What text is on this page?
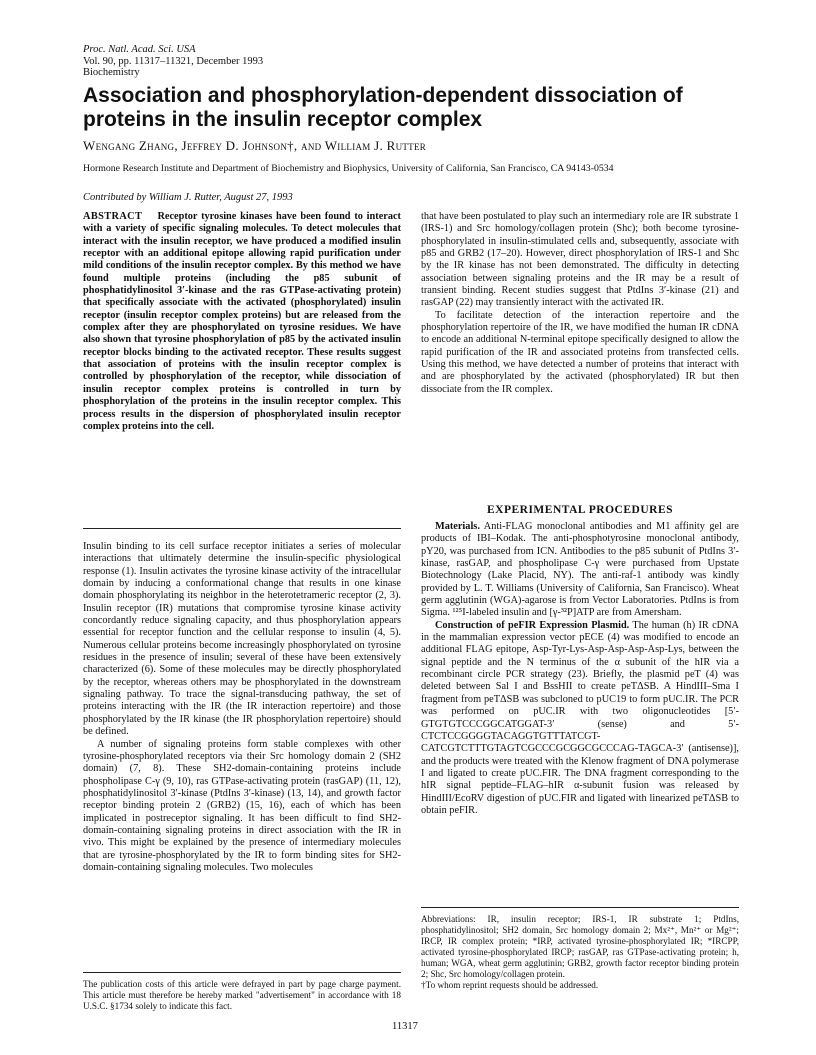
Proc. Natl. Acad. Sci. USA
Vol. 90, pp. 11317–11321, December 1993
Biochemistry
Association and phosphorylation-dependent dissociation of proteins in the insulin receptor complex
Wengang Zhang, Jeffrey D. Johnson†, and William J. Rutter
Hormone Research Institute and Department of Biochemistry and Biophysics, University of California, San Francisco, CA 94143-0534
Contributed by William J. Rutter, August 27, 1993

ABSTRACT Receptor tyrosine kinases have been found to interact with a variety of specific signaling molecules. To detect molecules that interact with the insulin receptor, we have produced a modified insulin receptor with an additional epitope allowing rapid purification under mild conditions of the insulin receptor complex. By this method we have found multiple proteins (including the p85 subunit of phosphatidylinositol 3′-kinase and the ras GTPase-activating protein) that specifically associate with the activated (phosphorylated) insulin receptor (insulin receptor complex proteins) but are released from the complex after they are phosphorylated on tyrosine residues. We have also shown that tyrosine phosphorylation of p85 by the activated insulin receptor blocks binding to the activated receptor. These results suggest that association of proteins with the insulin receptor complex is controlled by phosphorylation of the receptor, while dissociation of insulin receptor complex proteins is controlled in turn by phosphorylation of the proteins in the insulin receptor complex. This process results in the dispersion of phosphorylated insulin receptor complex proteins into the cell.

Insulin binding to its cell surface receptor initiates a series of molecular interactions that ultimately determine the insulin-specific physiological response (1). Insulin activates the tyrosine kinase activity of the intracellular domain by inducing a conformational change that results in one kinase domain phosphorylating its neighbor in the heterotetrameric receptor (2, 3). Insulin receptor (IR) mutations that compromise tyrosine kinase activity concordantly reduce signaling capacity, and thus phosphorylation appears essential for receptor function and the cellular response to insulin (4, 5). Numerous cellular proteins become increasingly phosphorylated on tyrosine residues in the presence of insulin; several of these have been extensively characterized (6). Some of these molecules may be directly phosphorylated by the receptor, whereas others may be phosphorylated in the downstream signaling pathway. To trace the signal-transducing pathway, the set of proteins interacting with the IR (the IR interaction repertoire) and those phosphorylated by the IR kinase (the IR phosphorylation repertoire) should be defined.

A number of signaling proteins form stable complexes with other tyrosine-phosphorylated receptors via their Src homology domain 2 (SH2 domain) (7, 8). These SH2-domain-containing proteins include phospholipase C-γ (9, 10), ras GTPase-activating protein (rasGAP) (11, 12), phosphatidylinositol 3′-kinase (PtdIns 3′-kinase) (13, 14), and growth factor receptor binding protein 2 (GRB2) (15, 16), each of which has been implicated in postreceptor signaling. It has been difficult to find SH2-domain-containing signaling proteins in direct association with the IR in vivo. This might be explained by the presence of intermediary molecules that are tyrosine-phosphorylated by the IR to form binding sites for SH2-domain-containing signaling molecules. Two molecules

The publication costs of this article were defrayed in part by page charge payment. This article must therefore be hereby marked "advertisement" in accordance with 18 U.S.C. §1734 solely to indicate this fact.

that have been postulated to play such an intermediary role are IR substrate 1 (IRS-1) and Src homology/collagen protein (Shc); both become tyrosine-phosphorylated in insulin-stimulated cells and, subsequently, associate with p85 and GRB2 (17–20). However, direct phosphorylation of IRS-1 and Shc by the IR kinase has not been demonstrated. The difficulty in detecting association between signaling proteins and the IR may be a result of transient binding. Recent studies suggest that PtdIns 3′-kinase (21) and rasGAP (22) may transiently interact with the activated IR.

To facilitate detection of the interaction repertoire and the phosphorylation repertoire of the IR, we have modified the human IR cDNA to encode an additional N-terminal epitope specifically designed to allow the rapid purification of the IR and associated proteins from transfected cells. Using this method, we have detected a number of proteins that interact with and are phosphorylated by the activated (phosphorylated) IR but then dissociate from the IR complex.

EXPERIMENTAL PROCEDURES

Materials. Anti-FLAG monoclonal antibodies and M1 affinity gel are products of IBI–Kodak. The anti-phosphotyrosine monoclonal antibody, pY20, was purchased from ICN. Antibodies to the p85 subunit of PtdIns 3′-kinase, rasGAP, and phospholipase C-γ were purchased from Upstate Biotechnology (Lake Placid, NY). The anti-raf-1 antibody was kindly provided by L. T. Williams (University of California, San Francisco). Wheat germ agglutinin (WGA)-agarose is from Vector Laboratories. PtdIns is from Sigma. ¹²⁵I-labeled insulin and [γ-³²P]ATP are from Amersham.

Construction of peFIR Expression Plasmid. The human (h) IR cDNA in the mammalian expression vector pECE (4) was modified to encode an additional FLAG epitope, Asp-Tyr-Lys-Asp-Asp-Asp-Asp-Lys, between the signal peptide and the N terminus of the α subunit of the hIR via a recombinant circle PCR strategy (23). Briefly, the plasmid peT (4) was deleted between Sal I and BssHII to create peTΔSB. A HindIII–Sma I fragment from peTΔSB was subcloned to pUC19 to form pUC.IR. The PCR was performed on pUC.IR with two oligonucleotides [5′-GTGTGTCCCGGCATGGAT-3′ (sense) and 5′-CTCTCCGGGGTACAGGTGTTTATCGT-CATCGTCTTTGTAGTCGCCCGCGGCGCCCAG-TAGCA-3′ (antisense)], and the products were treated with the Klenow fragment of DNA polymerase I and ligated to create pUC.FIR. The DNA fragment corresponding to the hIR signal peptide–FLAG–hIR α-subunit fusion was released by HindIII/EcoRV digestion of pUC.FIR and ligated with linearized peTΔSB to obtain peFIR.

Abbreviations: IR, insulin receptor; IRS-1, IR substrate 1; PtdIns, phosphatidylinositol; SH2 domain, Src homology domain 2; Mx²⁺, Mn²⁺ or Mg²⁺; IRCP, IR complex protein; *IRP, activated tyrosine-phosphorylated IR; *IRCPP, activated tyrosine-phosphorylated IRCP; rasGAP, ras GTPase-activating protein; h, human; WGA, wheat germ agglutinin; GRB2, growth factor receptor binding protein 2; Shc, Src homology/collagen protein.
†To whom reprint requests should be addressed.
11317
